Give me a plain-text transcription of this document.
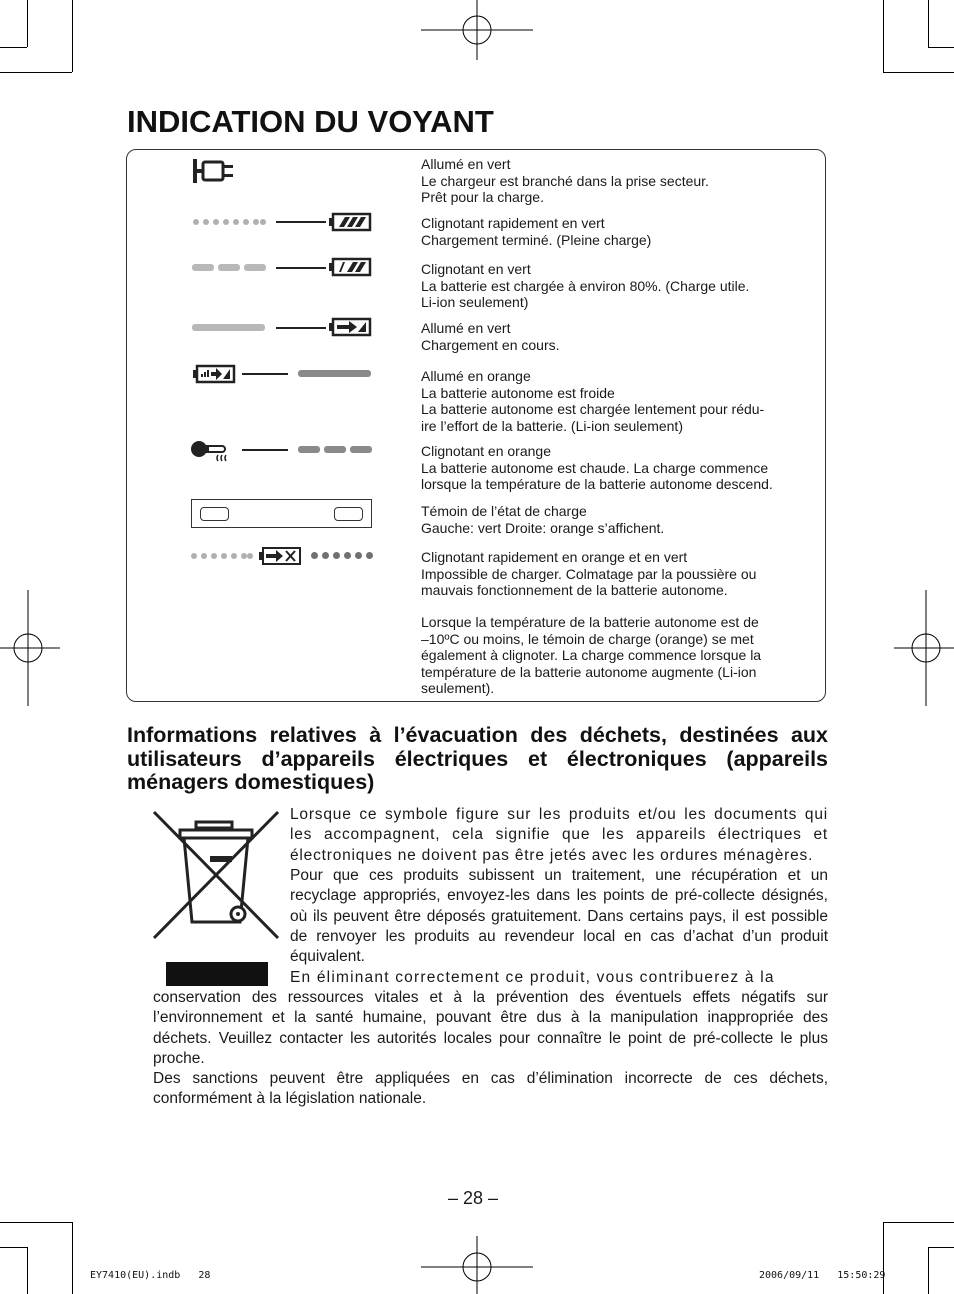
INDICATION DU VOYANT
Allumé en vert
Le chargeur est branché dans la prise secteur.
Prêt pour la charge.
Clignotant rapidement en vert
Chargement terminé. (Pleine charge)
Clignotant en vert
La batterie est chargée à environ 80%. (Charge utile.
Li-ion seulement)
Allumé en vert
Chargement en cours.
Allumé en orange
La batterie autonome est froide
La batterie autonome est chargée lentement pour rédu-
ire l’effort de la batterie. (Li-ion seulement)
Clignotant en orange
La batterie autonome est chaude. La charge commence
lorsque la température de la batterie autonome descend.
Témoin de l’état de charge
Gauche: vert Droite: orange s’affichent.
Clignotant rapidement en orange et en vert
Impossible de charger. Colmatage par la poussière ou
mauvais fonctionnement de la batterie autonome.
Lorsque la température de la batterie autonome est de
–10ºC ou moins, le témoin de charge (orange) se met
également à clignoter. La charge commence lorsque la
température de la batterie autonome augmente (Li-ion
seulement).
Informations relatives à l’évacuation des déchets, destinées aux utilisateurs d’appareils électriques et électroniques (appareils ménagers domestiques)
Lorsque ce symbole figure sur les produits et/ou les documents qui les accompagnent, cela signifie que les appareils électriques et électroniques ne doivent pas être jetés avec les ordures ménagères.
Pour que ces produits subissent un traitement, une récupération et un recyclage appropriés, envoyez-les dans les points de pré-collecte désignés, où ils peuvent être déposés gratuitement. Dans certains pays, il est possible de renvoyer les produits au revendeur local en cas d’achat d’un produit équivalent.
En éliminant correctement ce produit, vous contribuerez à la
conservation des ressources vitales et à la prévention des éventuels effets négatifs sur l’environnement et la santé humaine, pouvant être dus à la manipulation inappropriée des déchets. Veuillez contacter les autorités locales pour connaître le point de pré-collecte le plus proche.
Des sanctions peuvent être appliquées en cas d’élimination incorrecte de ces déchets, conformément à la législation nationale.
– 28 –
EY7410(EU).indb   28	2006/09/11   15:50:29
